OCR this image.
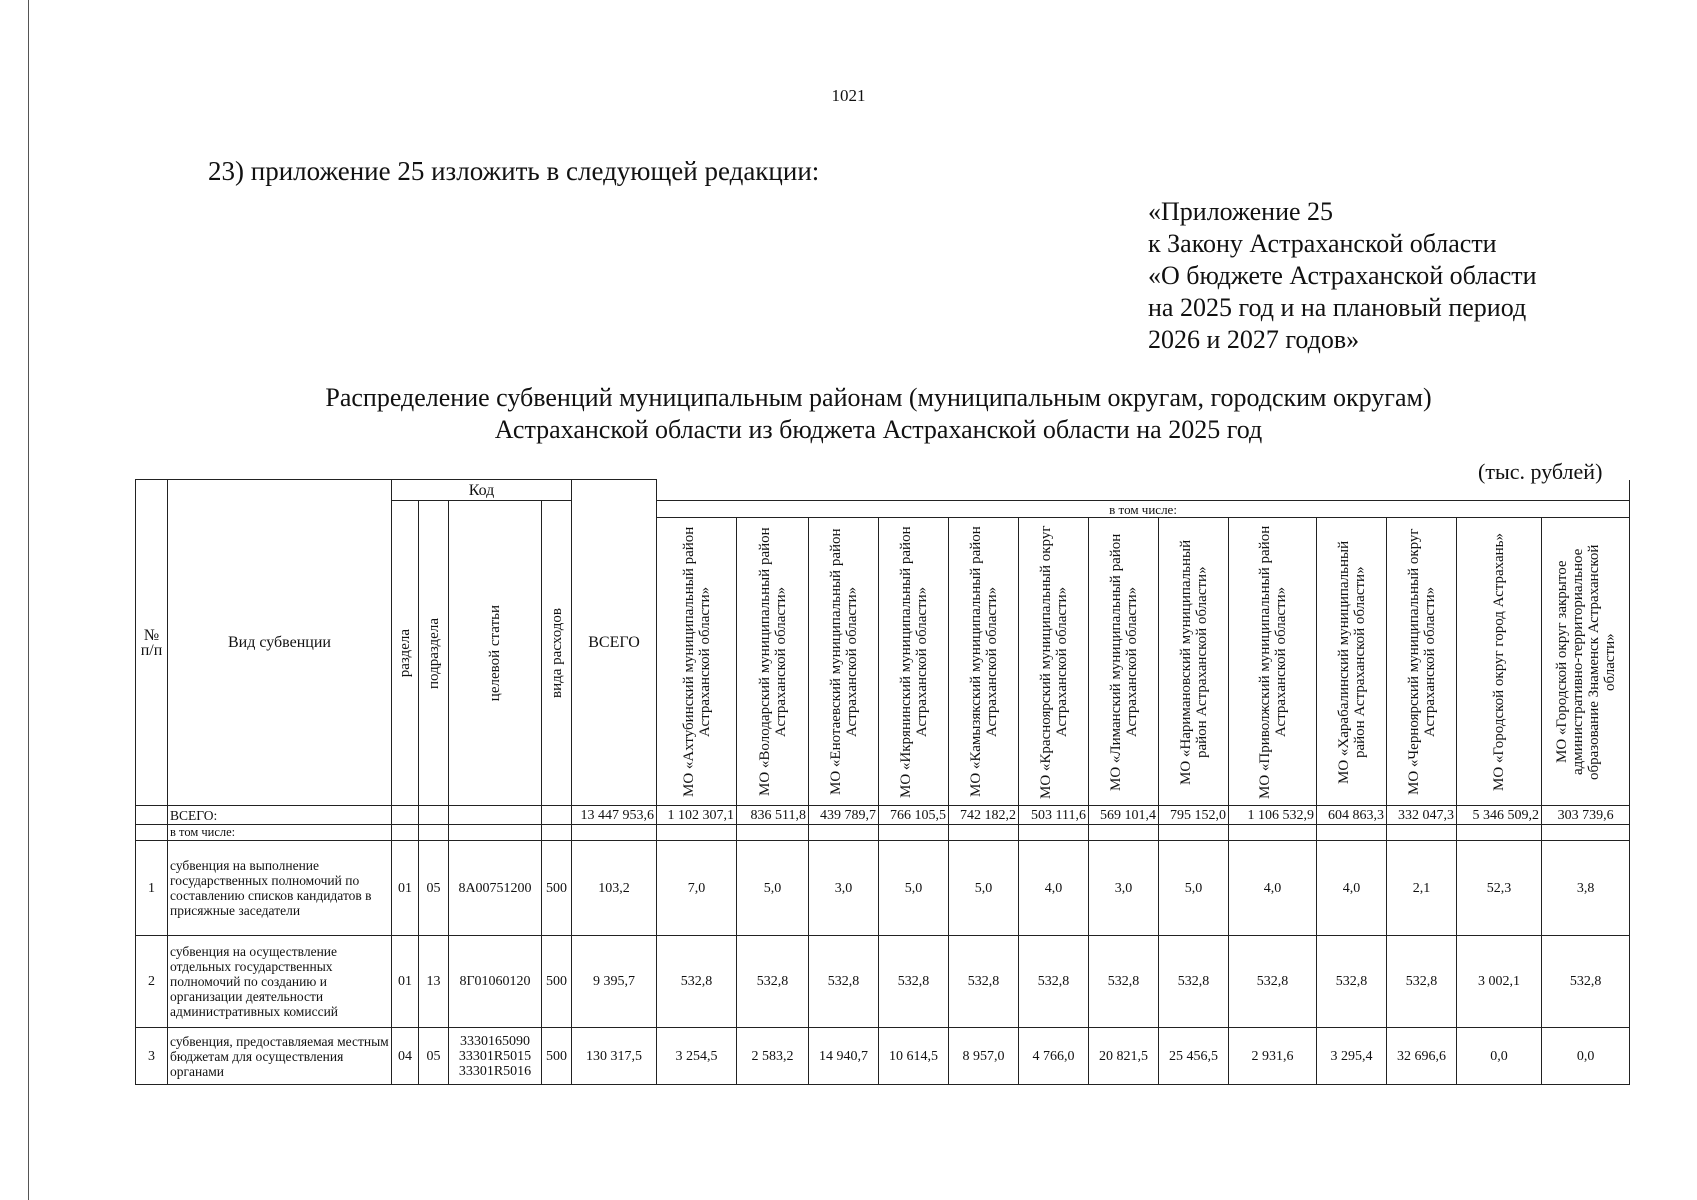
1021
23) приложение 25 изложить в следующей редакции:
«Приложение 25
к Закону Астраханской области
«О бюджете Астраханской области
на 2025 год и на плановый период
2026 и 2027 годов»
Распределение субвенций муниципальным районам (муниципальным округам, городским округам)
Астраханской области из бюджета Астраханской области на 2025 год
(тыс. рублей)
№ п/п	Вид субвенции	Код				ВСЕГО													

		раздела	подраздела	целевой статьи	вида расходов		в том числе:												

							МО «Ахтубинский муниципальный район Астраханской области»	МО «Володарский муниципальный район Астраханской области»	МО «Енотаевский муниципальный район Астраханской области»	МО «Икрянинский муниципальный район Астраханской области»	МО «Камызякский муниципальный район Астраханской области»	МО «Красноярский муниципальный округ Астраханской области»	МО «Лиманский муниципальный район Астраханской области»	МО «Наримановский муниципальный район Астраханской области»	МО «Приволжский муниципальный район Астраханской области»	МО «Харабалинский муниципальный район Астраханской области»	МО «Черноярский муниципальный округ Астраханской области»	МО «Городской округ город Астрахань»	МО «Городской округ закрытое административно-территориальное образование Знаменск Астраханской области»

	ВСЕГО:					13 447 953,6	1 102 307,1	836 511,8	439 789,7	766 105,5	742 182,2	503 111,6	569 101,4	795 152,0	1 106 532,9	604 863,3	332 047,3	5 346 509,2	303 739,6
	в том числе:																		
1	субвенция на выполнение государственных полномочий по составлению списков кандидатов в присяжные заседатели	01	05	8А00751200	500	103,2	7,0	5,0	3,0	5,0	5,0	4,0	3,0	5,0	4,0	4,0	2,1	52,3	3,8
2	субвенция на осуществление отдельных государственных полномочий по созданию и организации деятельности административных комиссий	01	13	8Г01060120	500	9 395,7	532,8	532,8	532,8	532,8	532,8	532,8	532,8	532,8	532,8	532,8	532,8	3 002,1	532,8
3	субвенция, предоставляемая местным бюджетам для осуществления органами	04	05	3330165090
33301R5015
33301R5016	500	130 317,5	3 254,5	2 583,2	14 940,7	10 614,5	8 957,0	4 766,0	20 821,5	25 456,5	2 931,6	3 295,4	32 696,6	0,0	0,0
